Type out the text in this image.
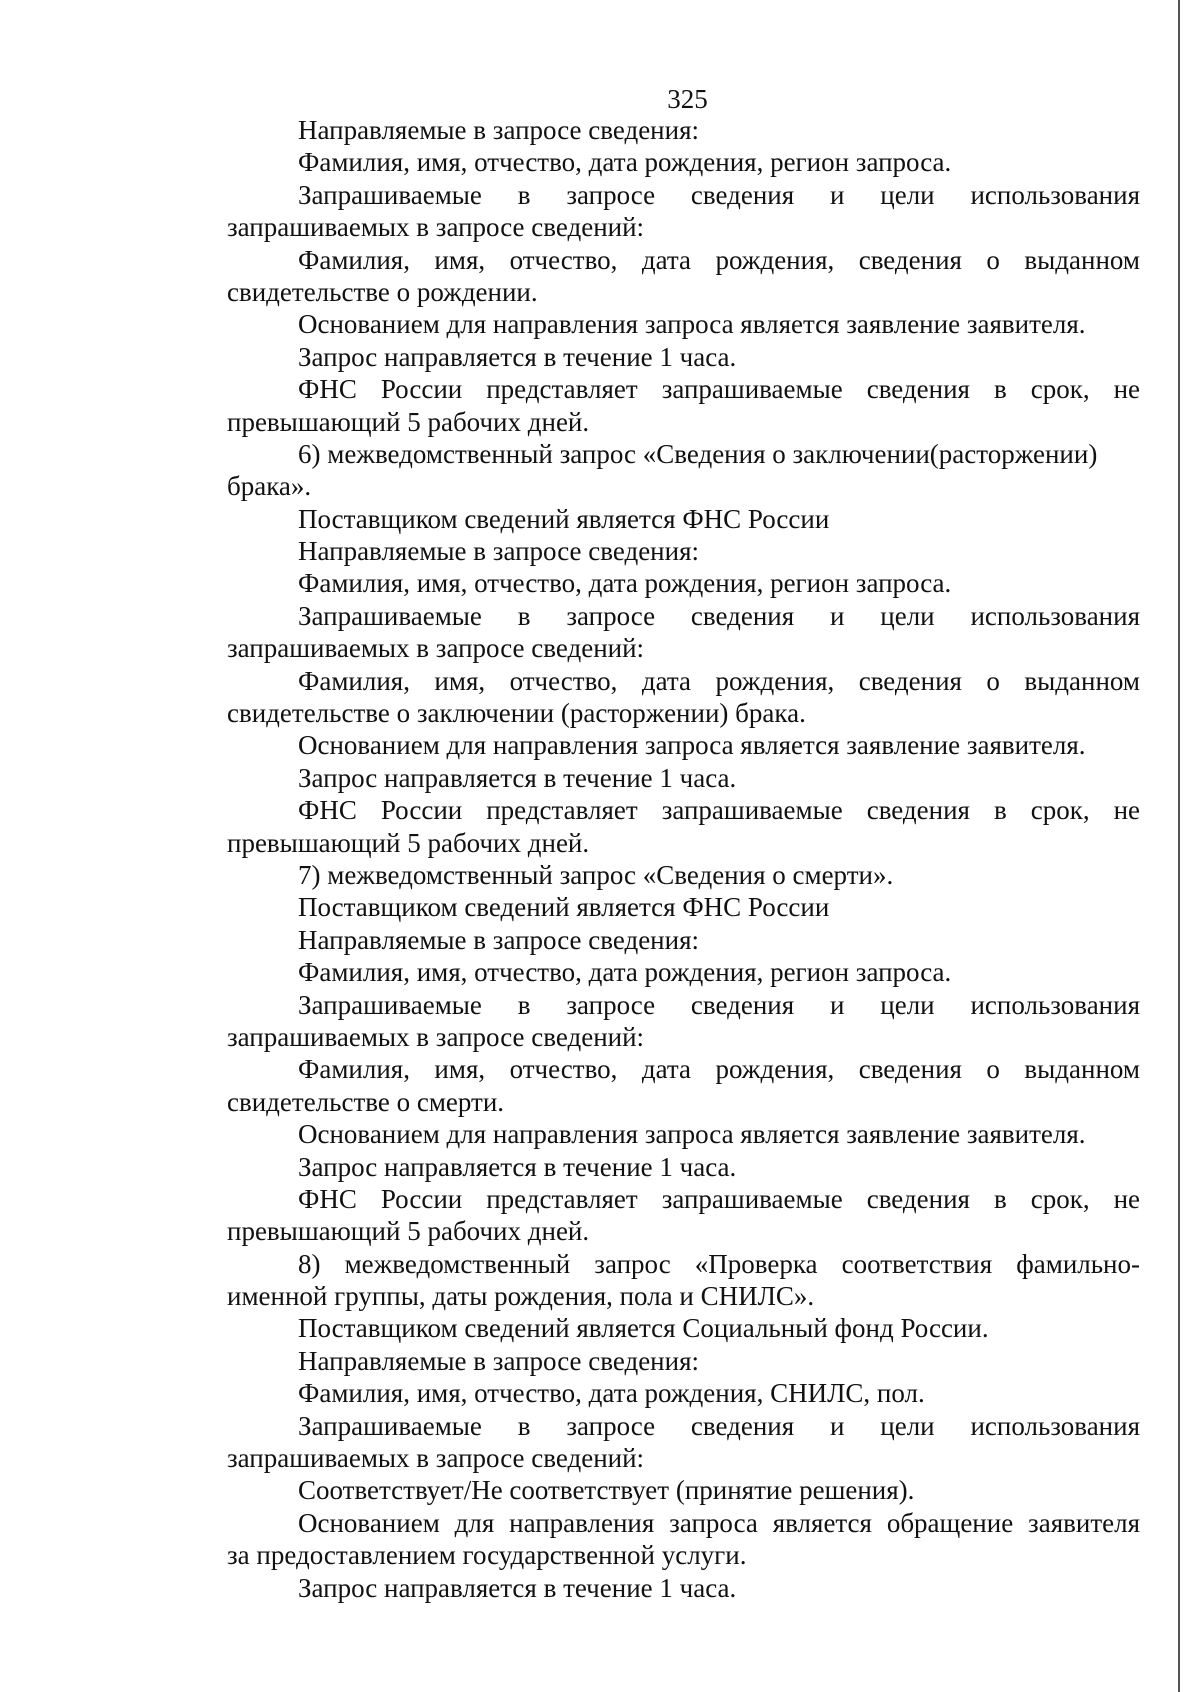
325
Направляемые в запросе сведения:
Фамилия, имя, отчество, дата рождения, регион запроса.
Запрашиваемые в запросе сведения и цели использования
запрашиваемых в запросе сведений:
Фамилия, имя, отчество, дата рождения, сведения о выданном
свидетельстве о рождении.
Основанием для направления запроса является заявление заявителя.
Запрос направляется в течение 1 часа.
ФНС России представляет запрашиваемые сведения в срок, не
превышающий 5 рабочих дней.
6) межведомственный запрос «Сведения о заключении(расторжении)
брака».
Поставщиком сведений является ФНС России
Направляемые в запросе сведения:
Фамилия, имя, отчество, дата рождения, регион запроса.
Запрашиваемые в запросе сведения и цели использования
запрашиваемых в запросе сведений:
Фамилия, имя, отчество, дата рождения, сведения о выданном
свидетельстве о заключении (расторжении) брака.
Основанием для направления запроса является заявление заявителя.
Запрос направляется в течение 1 часа.
ФНС России представляет запрашиваемые сведения в срок, не
превышающий 5 рабочих дней.
7) межведомственный запрос «Сведения о смерти».
Поставщиком сведений является ФНС России
Направляемые в запросе сведения:
Фамилия, имя, отчество, дата рождения, регион запроса.
Запрашиваемые в запросе сведения и цели использования
запрашиваемых в запросе сведений:
Фамилия, имя, отчество, дата рождения, сведения о выданном
свидетельстве о смерти.
Основанием для направления запроса является заявление заявителя.
Запрос направляется в течение 1 часа.
ФНС России представляет запрашиваемые сведения в срок, не
превышающий 5 рабочих дней.
8) межведомственный запрос «Проверка соответствия фамильно-
именной группы, даты рождения, пола и СНИЛС».
Поставщиком сведений является Социальный фонд России.
Направляемые в запросе сведения:
Фамилия, имя, отчество, дата рождения, СНИЛС, пол.
Запрашиваемые в запросе сведения и цели использования
запрашиваемых в запросе сведений:
Соответствует/Не соответствует (принятие решения).
Основанием для направления запроса является обращение заявителя
за предоставлением государственной услуги.
Запрос направляется в течение 1 часа.
